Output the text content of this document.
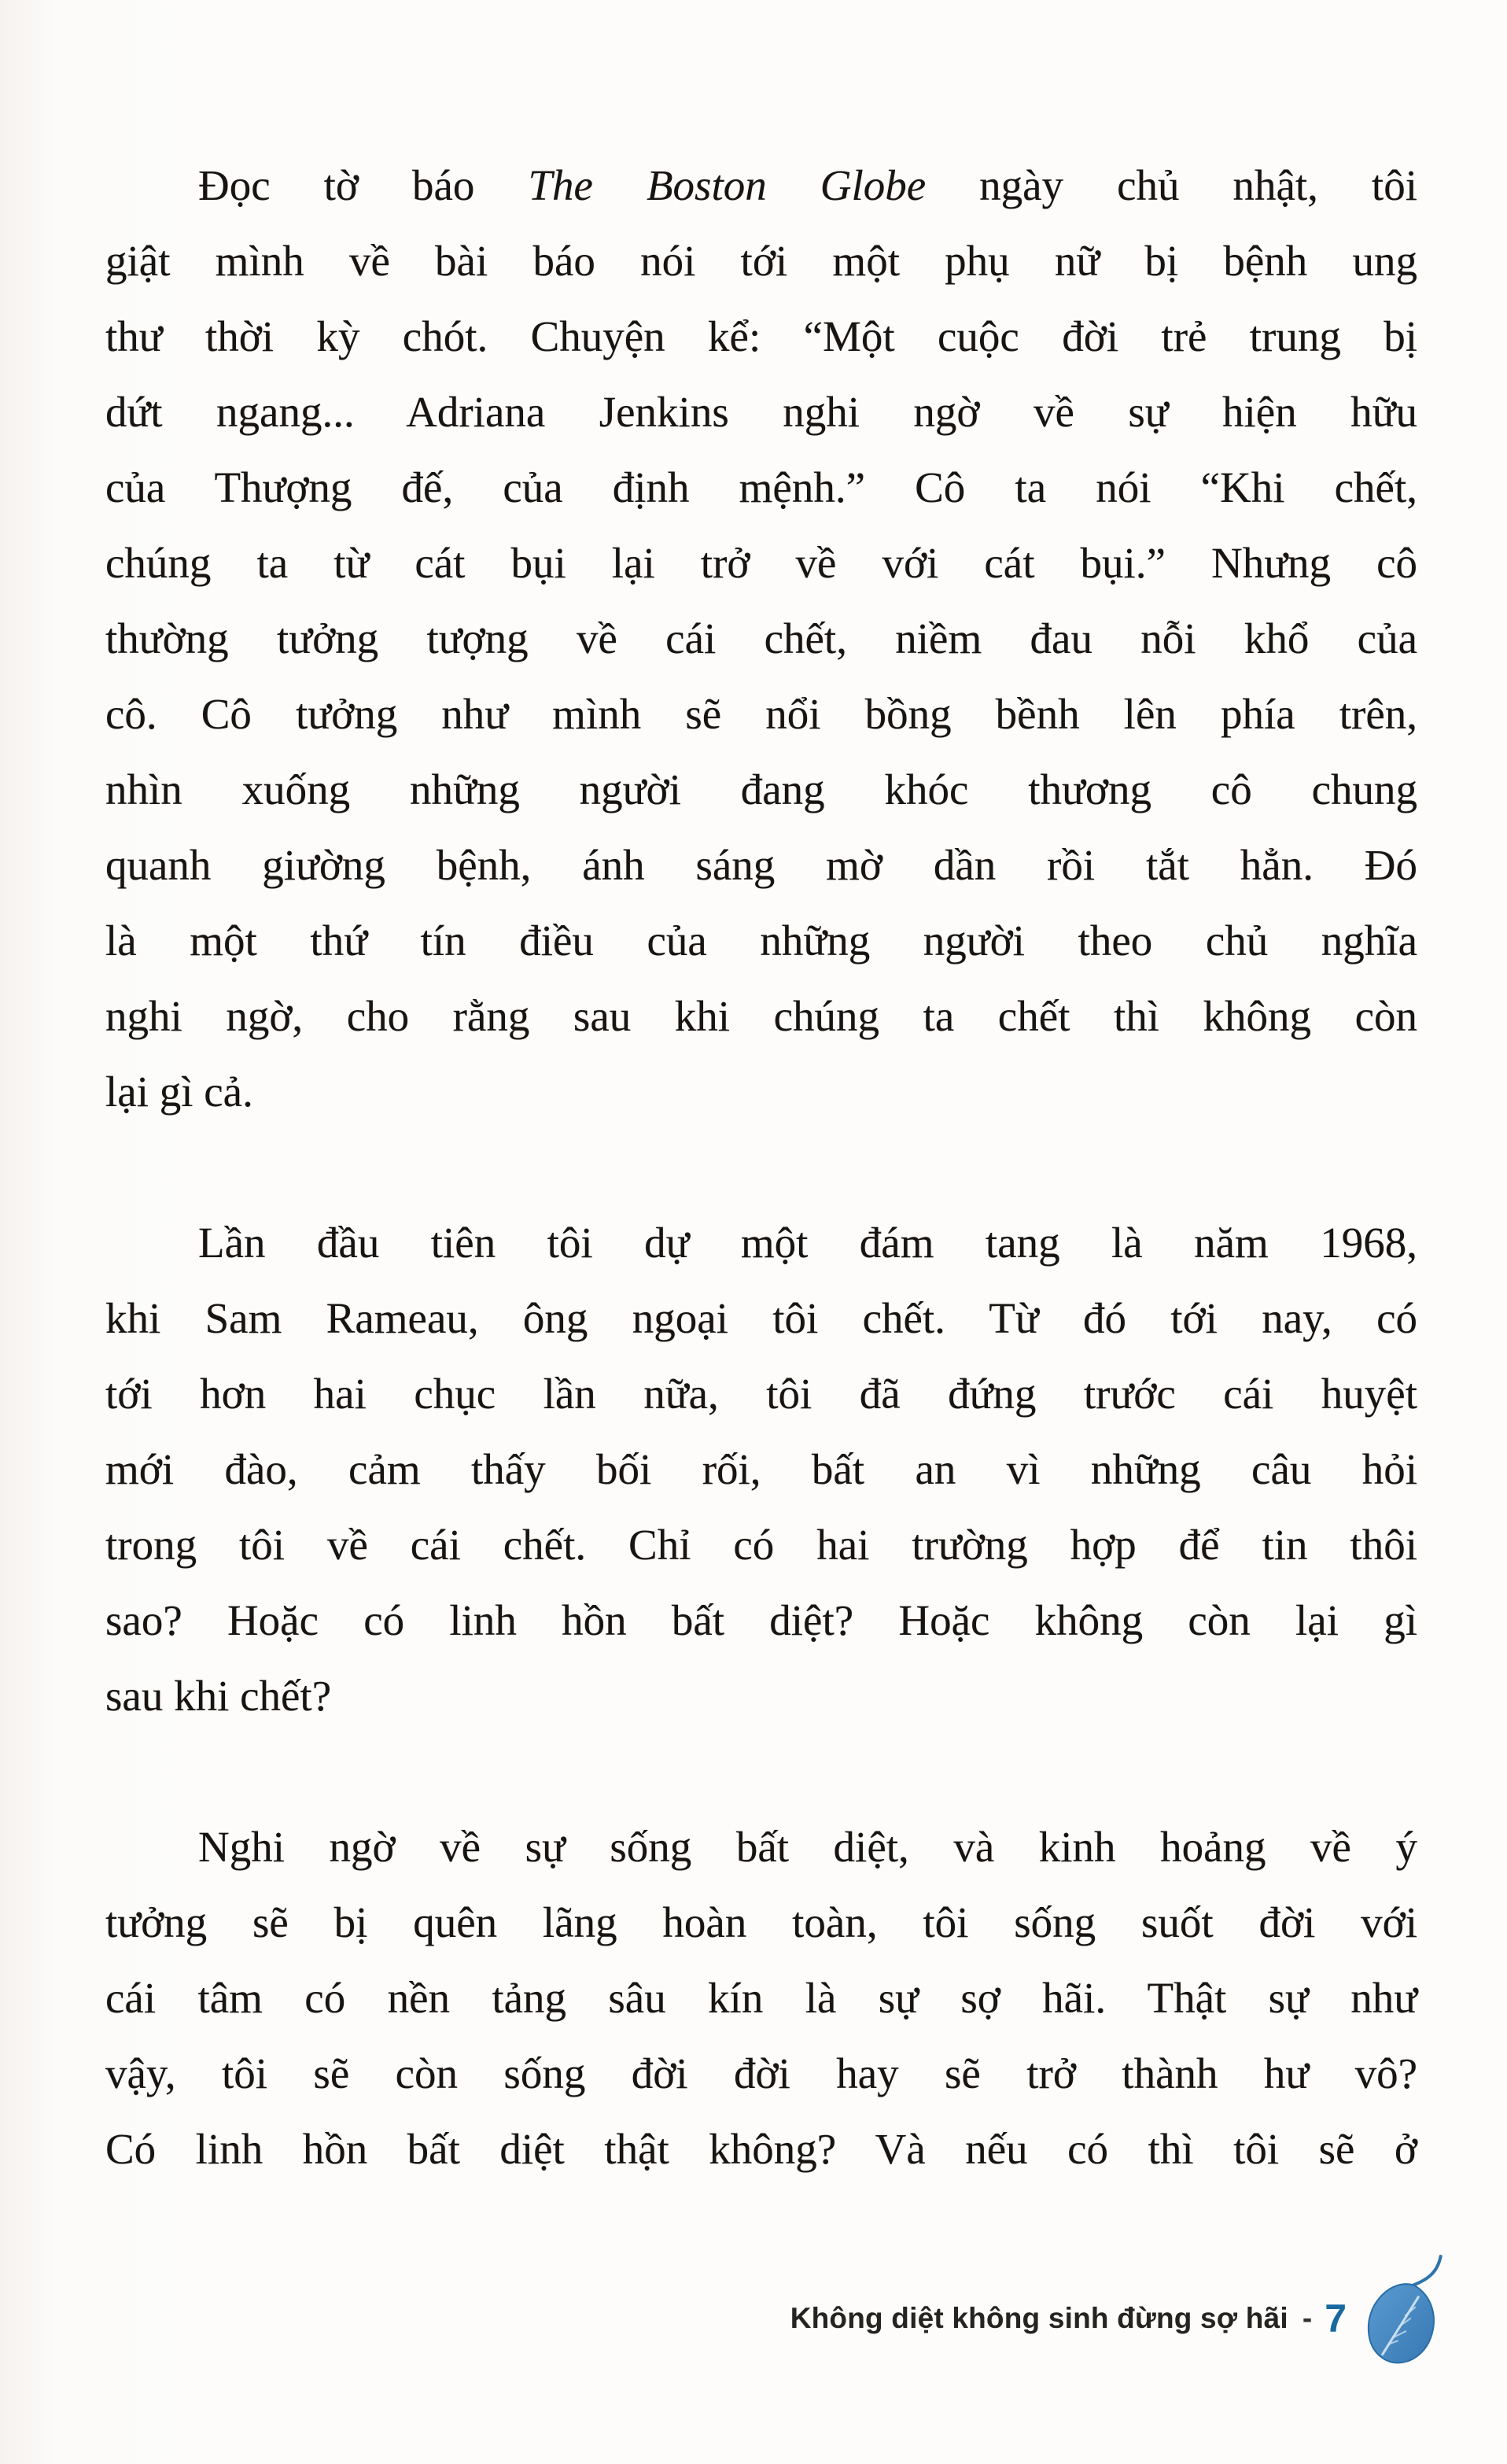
Đọc tờ báo The Boston Globe ngày chủ nhật, tôi
giật mình về bài báo nói tới một phụ nữ bị bệnh ung
thư thời kỳ chót. Chuyện kể: “Một cuộc đời trẻ trung bị
dứt ngang... Adriana Jenkins nghi ngờ về sự hiện hữu
của Thượng đế, của định mệnh.” Cô ta nói “Khi chết,
chúng ta từ cát bụi lại trở về với cát bụi.” Nhưng cô
thường tưởng tượng về cái chết, niềm đau nỗi khổ của
cô. Cô tưởng như mình sẽ nổi bồng bềnh lên phía trên,
nhìn xuống những người đang khóc thương cô chung
quanh giường bệnh, ánh sáng mờ dần rồi tắt hẳn. Đó
là một thứ tín điều của những người theo chủ nghĩa
nghi ngờ, cho rằng sau khi chúng ta chết thì không còn
lại gì cả.
Lần đầu tiên tôi dự một đám tang là năm 1968,
khi Sam Rameau, ông ngoại tôi chết. Từ đó tới nay, có
tới hơn hai chục lần nữa, tôi đã đứng trước cái huyệt
mới đào, cảm thấy bối rối, bất an vì những câu hỏi
trong tôi về cái chết. Chỉ có hai trường hợp để tin thôi
sao? Hoặc có linh hồn bất diệt? Hoặc không còn lại gì
sau khi chết?
Nghi ngờ về sự sống bất diệt, và kinh hoảng về ý
tưởng sẽ bị quên lãng hoàn toàn, tôi sống suốt đời với
cái tâm có nền tảng sâu kín là sự sợ hãi. Thật sự như
vậy, tôi sẽ còn sống đời đời hay sẽ trở thành hư vô?
Có linh hồn bất diệt thật không? Và nếu có thì tôi sẽ ở
Không diệt không sinh đừng sợ hãi - 7
